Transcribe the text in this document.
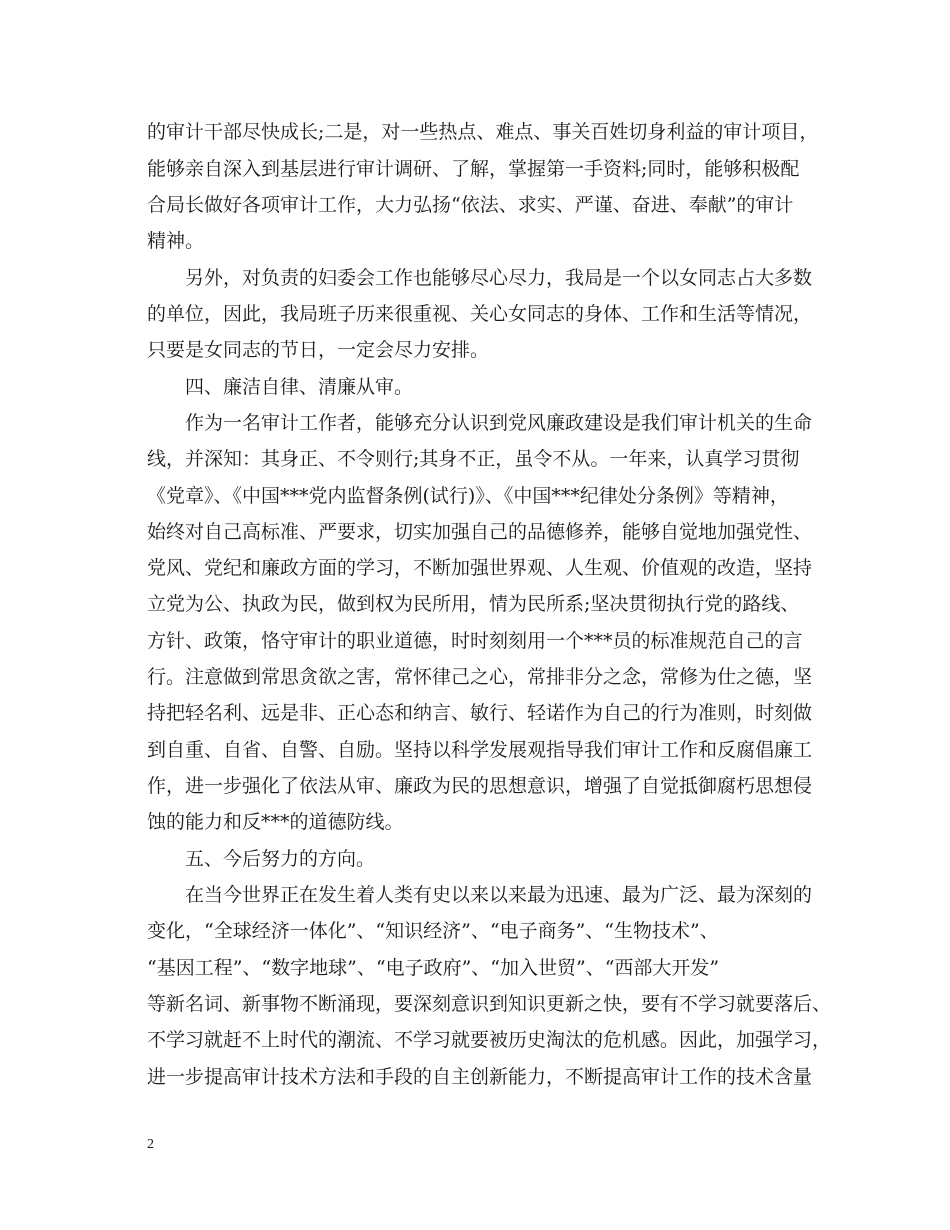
的审计干部尽快成长;二是，对一些热点、难点、事关百姓切身利益的审计项目，
能够亲自深入到基层进行审计调研、了解，掌握第一手资料;同时，能够积极配
合局长做好各项审计工作，大力弘扬“依法、求实、严谨、奋进、奉献”的审计
精神。
另外，对负责的妇委会工作也能够尽心尽力，我局是一个以女同志占大多数
的单位，因此，我局班子历来很重视、关心女同志的身体、工作和生活等情况，
只要是女同志的节日，一定会尽力安排。
四、廉洁自律、清廉从审。
作为一名审计工作者，能够充分认识到党风廉政建设是我们审计机关的生命
线，并深知：其身正、不令则行;其身不正，虽令不从。一年来，认真学习贯彻
《党章》、《中国***党内监督条例(试行)》、《中国***纪律处分条例》等精神，
始终对自己高标准、严要求，切实加强自己的品德修养，能够自觉地加强党性、
党风、党纪和廉政方面的学习，不断加强世界观、人生观、价值观的改造，坚持
立党为公、执政为民，做到权为民所用，情为民所系;坚决贯彻执行党的路线、
方针、政策，恪守审计的职业道德，时时刻刻用一个***员的标准规范自己的言
行。注意做到常思贪欲之害，常怀律己之心，常排非分之念，常修为仕之德，坚
持把轻名利、远是非、正心态和纳言、敏行、轻诺作为自己的行为准则，时刻做
到自重、自省、自警、自励。坚持以科学发展观指导我们审计工作和反腐倡廉工
作，进一步强化了依法从审、廉政为民的思想意识，增强了自觉抵御腐朽思想侵
蚀的能力和反***的道德防线。
五、今后努力的方向。
在当今世界正在发生着人类有史以来以来最为迅速、最为广泛、最为深刻的
变化，“全球经济一体化”、“知识经济”、“电子商务”、“生物技术”、
“基因工程”、“数字地球”、“电子政府”、“加入世贸”、“西部大开发”
等新名词、新事物不断涌现，要深刻意识到知识更新之快，要有不学习就要落后、
不学习就赶不上时代的潮流、不学习就要被历史淘汰的危机感。因此，加强学习，
进一步提高审计技术方法和手段的自主创新能力，不断提高审计工作的技术含量
2
